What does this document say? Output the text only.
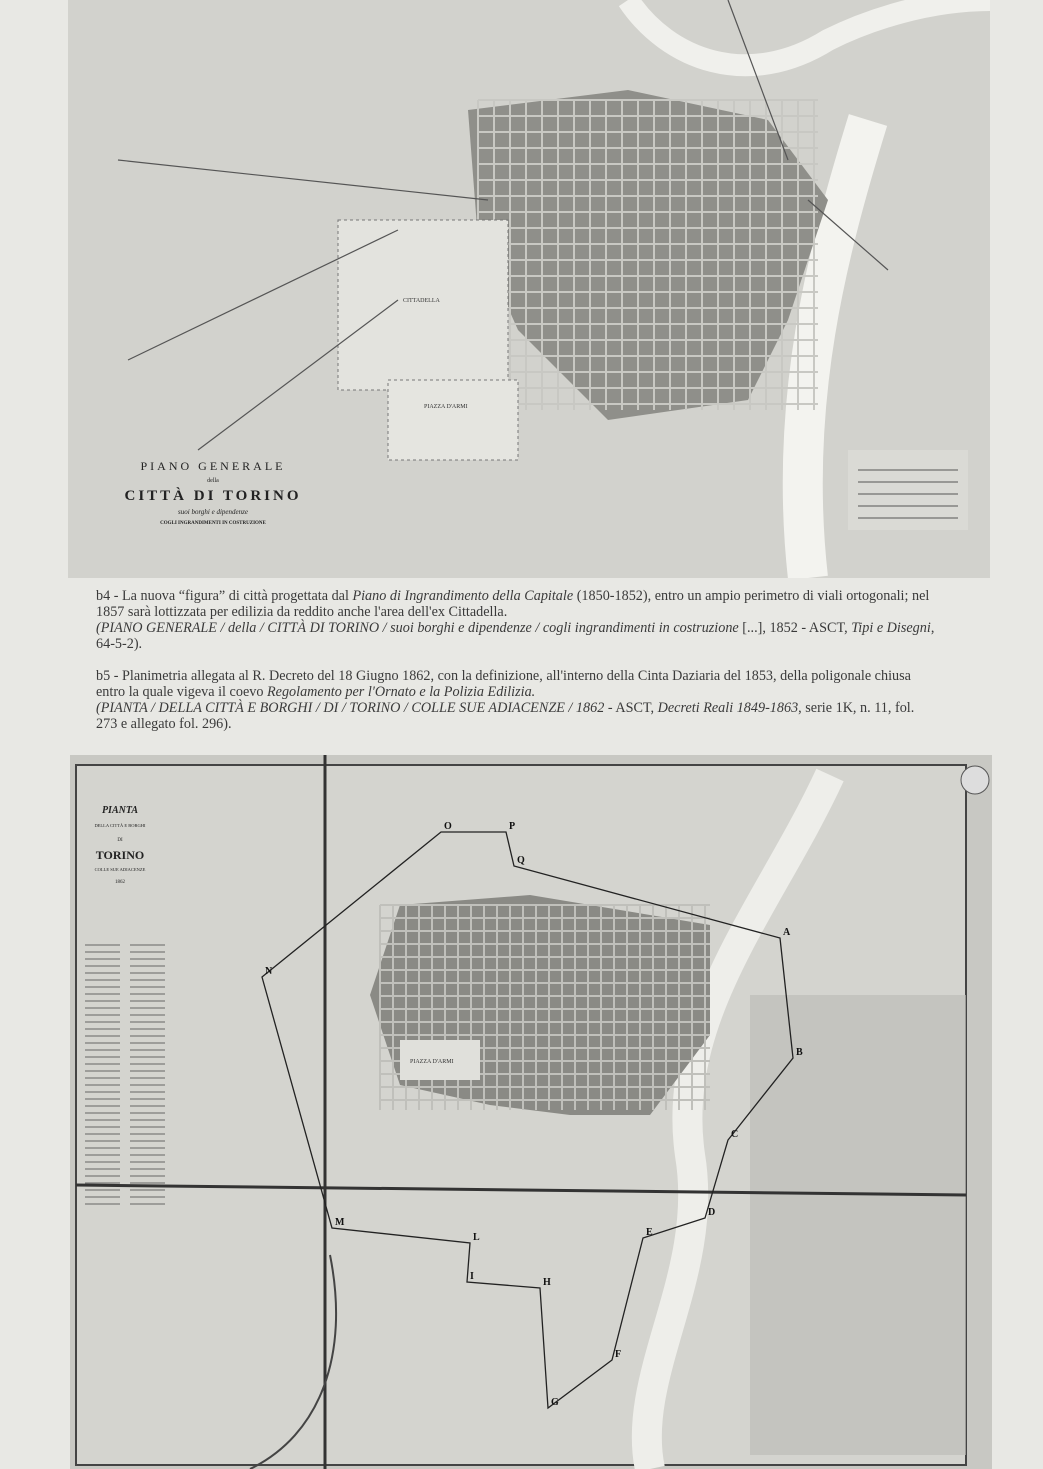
CITTADELLA
PIAZZA D'ARMI
PIANO GENERALE
della
CITTÀ DI TORINO
suoi borghi e dipendenze
COGLI INGRANDIMENTI IN COSTRUZIONE

b4 - La nuova “figura” di città progettata dal Piano di Ingrandimento della Capitale (1850-1852), entro un ampio perimetro di viali ortogonali; nel 1857 sarà lottizzata per edilizia da reddito anche l'area dell'ex Cittadella.
(PIANO GENERALE / della / CITTÀ DI TORINO / suoi borghi e dipendenze / cogli ingrandimenti in costruzione [...], 1852 - ASCT, Tipi e Disegni, 64-5-2).

b5 - Planimetria allegata al R. Decreto del 18 Giugno 1862, con la definizione, all'interno della Cinta Daziaria del 1853, della poligonale chiusa entro la quale vigeva il coevo Regolamento per l'Ornato e la Polizia Edilizia.
(PIANTA / DELLA CITTÀ E BORGHI / DI / TORINO / COLLE SUE ADIACENZE / 1862 - ASCT, Decreti Reali 1849-1863, serie 1K, n. 11, fol. 273 e allegato fol. 296).

PIAZZA D'ARMI
A
B
C
D
E
F
G
H
I
L
M
N
O	P
Q
PIANTA
DELLA CITTÀ E BORGHI
DI
TORINO
COLLE SUE ADIACENZE
1862
